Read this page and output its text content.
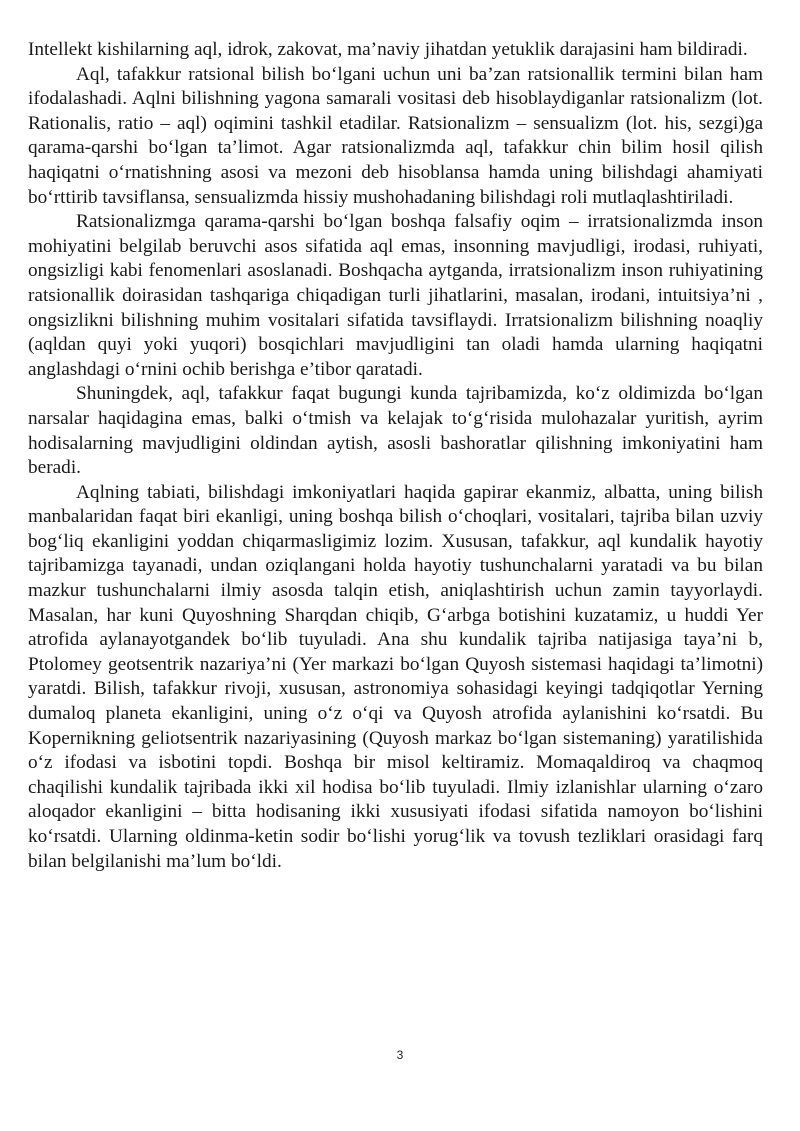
Intellekt kishilarning aql, idrok, zakovat, ma’naviy jihatdan yetuklik darajasini ham bildiradi.

Aql, tafakkur ratsional bilish bo‘lgani uchun uni ba’zan ratsionallik termini bilan ham ifodalashadi. Aqlni bilishning yagona samarali vositasi deb hisoblaydiganlar ratsionalizm (lot. Rationalis, ratio – aql) oqimini tashkil etadilar. Ratsionalizm – sensualizm (lot. his, sezgi)ga qarama-qarshi bo‘lgan ta’limot. Agar ratsionalizmda aql, tafakkur chin bilim hosil qilish haqiqatni o‘rnatishning asosi va mezoni deb hisoblansa hamda uning bilishdagi ahamiyati bo‘rttirib tavsiflansa, sensualizmda hissiy mushohadaning bilishdagi roli mutlaqlashtiriladi.

Ratsionalizmga qarama-qarshi bo‘lgan boshqa falsafiy oqim – irratsionalizmda inson mohiyatini belgilab beruvchi asos sifatida aql emas, insonning mavjudligi, irodasi, ruhiyati, ongsizligi kabi fenomenlari asoslanadi. Boshqacha aytganda, irratsionalizm inson ruhiyatining ratsionallik doirasidan tashqariga chiqadigan turli jihatlarini, masalan, irodani, intuitsiya’ni , ongsizlikni bilishning muhim vositalari sifatida tavsiflaydi. Irratsionalizm bilishning noaqliy (aqldan quyi yoki yuqori) bosqichlari mavjudligini tan oladi hamda ularning haqiqatni anglashdagi o‘rnini ochib berishga e’tibor qaratadi.

Shuningdek, aql, tafakkur faqat bugungi kunda tajribamizda, ko‘z oldimizda bo‘lgan narsalar haqidagina emas, balki o‘tmish va kelajak to‘g‘risida mulohazalar yuritish, ayrim hodisalarning mavjudligini oldindan aytish, asosli bashoratlar qilishning imkoniyatini ham beradi.

Aqlning tabiati, bilishdagi imkoniyatlari haqida gapirar ekanmiz, albatta, uning bilish manbalaridan faqat biri ekanligi, uning boshqa bilish o‘choqlari, vositalari, tajriba bilan uzviy bog‘liq ekanligini yoddan chiqarmasligimiz lozim. Xususan, tafakkur, aql kundalik hayotiy tajribamizga tayanadi, undan oziqlangani holda hayotiy tushunchalarni yaratadi va bu bilan mazkur tushunchalarni ilmiy asosda talqin etish, aniqlashtirish uchun zamin tayyorlaydi. Masalan, har kuni Quyoshning Sharqdan chiqib, G‘arbga botishini kuzatamiz, u huddi Yer atrofida aylanayotgandek bo‘lib tuyuladi. Ana shu kundalik tajriba natijasiga taya’ni b, Ptolomey geotsentrik nazariya’ni (Yer markazi bo‘lgan Quyosh sistemasi haqidagi ta’limotni) yaratdi. Bilish, tafakkur rivoji, xususan, astronomiya sohasidagi keyingi tadqiqotlar Yerning dumaloq planeta ekanligini, uning o‘z o‘qi va Quyosh atrofida aylanishini ko‘rsatdi. Bu Kopernikning geliotsentrik nazariyasining (Quyosh markaz bo‘lgan sistemaning) yaratilishida o‘z ifodasi va isbotini topdi. Boshqa bir misol keltiramiz. Momaqaldiroq va chaqmoq chaqilishi kundalik tajribada ikki xil hodisa bo‘lib tuyuladi. Ilmiy izlanishlar ularning o‘zaro aloqador ekanligini – bitta hodisaning ikki xususiyati ifodasi sifatida namoyon bo‘lishini ko‘rsatdi. Ularning oldinma-ketin sodir bo‘lishi yorug‘lik va tovush tezliklari orasidagi farq bilan belgilanishi ma’lum bo‘ldi.

3
